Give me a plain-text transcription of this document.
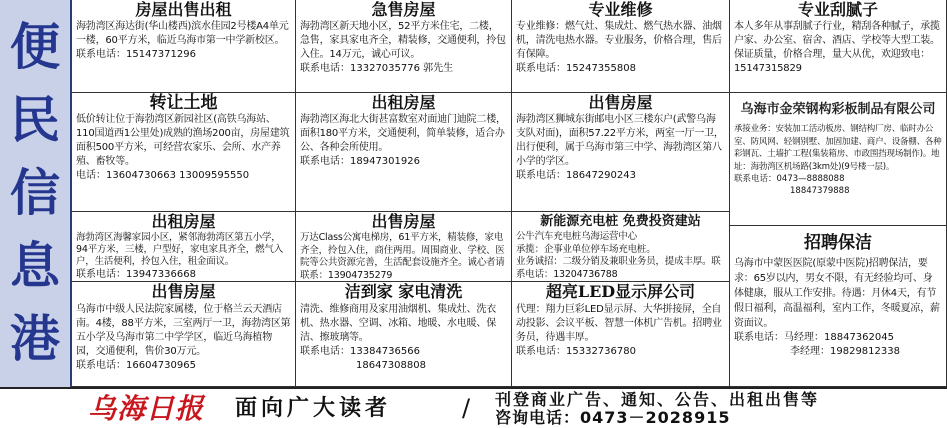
便
民
信
息
港
房屋出售出租
海勃湾区海达街(华山楼西)滨水佳园2号楼A4单元一楼，60平方米，临近乌海市第一中学新校区。
联系电话：15147371296
急售房屋
海勃湾区新天地小区，52平方米住宅，二楼，急售，家具家电齐全，精装修，交通便利，拎包入住。14万元，诚心可议。
联系电话：13327035776 郭先生
专业维修
专业维修：燃气灶、集成灶、燃气热水器、油烟机，清洗电热水器。专业服务，价格合理，售后有保障。
联系电话：15247355808
专业刮腻子
本人多年从事刮腻子行业，精刮各种腻子，承揽户家、办公室、宿舍、酒店、学校等大型工装。保证质量，价格合理，量大从优，欢迎致电：15147315829
转让土地
低价转让位于海勃湾区新园社区(高铁乌海站、110国道西1公里处)成熟的渔场200亩，房屋建筑面积500平方米，可经营农家乐、会所、水产养殖、畜牧等。
电话：13604730663 13009595550
出租房屋
海勃湾区海北大街甚富数室对面迪门迪院二楼，面积180平方米，交通便利，简单装修，适合办公、各种会所使用。
联系电话：18947301926
出售房屋
海勃湾区狮城东街邮电小区三楼东户(武警乌海支队对面)，面积57.22平方米，两室一厅一卫，出行便利，属于乌海市第三中学、海勃湾区第八小学的学区。
联系电话：18647290243
乌海市金荣钢构彩板制品有限公司
承接业务：安装加工活动板房、钢结构厂房、临时办公室、防风网、轻钢别墅、加固加建、商户、设备棚、各种彩钢瓦、土墙扩工程(集装箱房、市政围挡现场制作)。地址：海勃湾区机场路(3km处)(9号楼一层)。
联系电话：0473—8888088
18847379888
出租房屋
海勃湾区海馨家园小区，紧邻海勃湾区第五小学，94平方米，三楼，户型好，家电家具齐全，燃气入户，生活便利，拎包入住，租金面议。
联系电话：13947336668
出售房屋
万达Class公寓电梯房，61平方米，精装修，家电齐全，拎包入住，商住两用。周围商业、学校、医院等公共资源完善，生活配套设施齐全。诚心者请联系：13904735279
新能源充电桩 免费投资建站
公牛汽车充电桩乌海运营中心
承揽：企事业单位停车场充电桩。
业务诚招：二级分销及兼职业务员，提成丰厚。联系电话：13204736788
招聘保洁
乌海市中蒙医医院(原蒙中医院)招聘保洁，要求：65岁以内，男女不限，有无经验均可、身体健康，服从工作安排。待遇：月休4天，有节假日福利，高温福利，室内工作，冬暖夏凉，薪资面议。
联系电话：马经理：18847362045
李经理：19829812338
出售房屋
乌海市中级人民法院家属楼，位于格兰云天酒店南。4楼，88平方米，三室两厅一卫，海勃湾区第五小学及乌海市第二中学学区，临近乌海植物园，交通便利，售价30万元。
联系电话：16604730965
洁到家 家电清洗
清洗、维修商用及家用油烟机、集成灶、洗衣机、热水器、空调、冰箱、地暖、水电暖、保洁、擦玻璃等。
联系电话：13384736566
18647308808
超亮LED显示屏公司
代理：翔力巨彩LED显示屏、大华拼接屏，全自动投影、会议平板、智慧一体机广告机。招聘业务员，待遇丰厚。
联系电话：15332736780
乌海日报 面向广大读者	/ 刊登商业广告、通知、公告、出租出售等
咨询电话：0473－2028915
